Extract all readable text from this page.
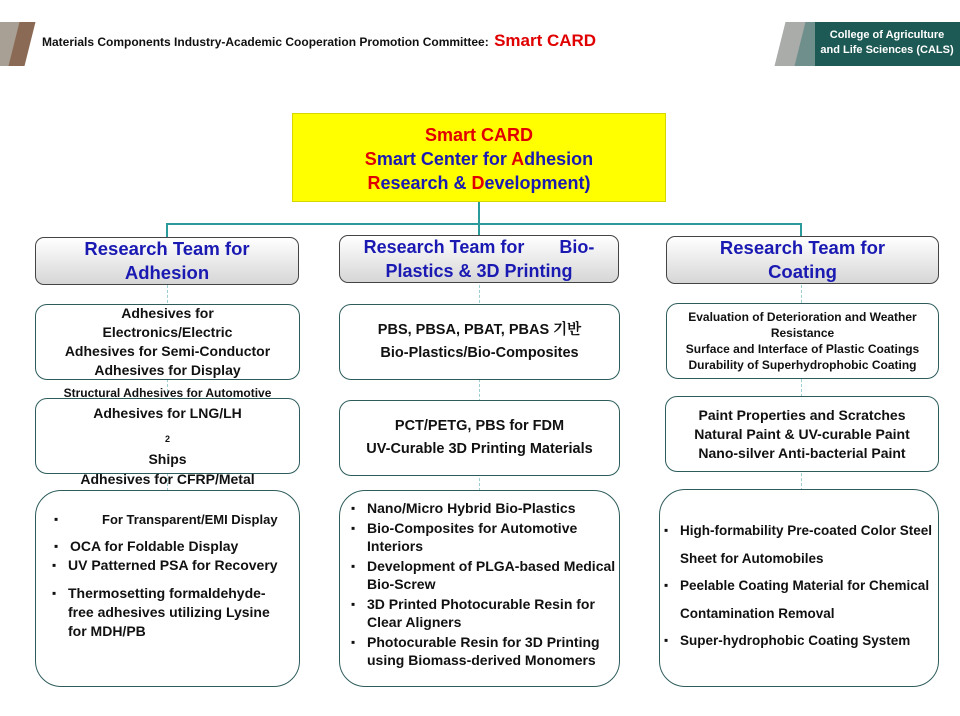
Materials Components Industry-Academic Cooperation Promotion Committee: Smart CARD	College of Agriculture
and Life Sciences (CALS)
Smart CARD
Smart Center for Adhesion
Research & Development)
Research Team for
Adhesion
Research Team for       Bio-
Plastics & 3D Printing
Research Team for
Coating
Adhesives for
Electronics/Electric
Adhesives for Semi-Conductor
Adhesives for Display
Structural Adhesives for Automotive
Adhesives for LNG/LH
$_2$
Ships
Adhesives for CFRP/Metal
▪ For Transparent/EMI Display
▪ OCA for Foldable Display
▪ UV Patterned PSA for Recovery
▪ Thermosetting formaldehyde-free adhesives utilizing Lysine for MDH/PB
PBS, PBSA, PBAT, PBAS 기반
Bio-Plastics/Bio-Composites
PCT/PETG, PBS for FDM
UV-Curable 3D Printing Materials
▪ Nano/Micro Hybrid Bio-Plastics
▪ Bio-Composites for Automotive Interiors
▪ Development of PLGA-based Medical Bio-Screw
▪ 3D Printed Photocurable Resin for Clear Aligners
▪ Photocurable Resin for 3D Printing using Biomass-derived Monomers
Evaluation of Deterioration and Weather Resistance
Surface and Interface of Plastic Coatings
Durability of Superhydrophobic Coating
Paint Properties and Scratches
Natural Paint & UV-curable Paint
Nano-silver Anti-bacterial Paint
▪ High-formability Pre-coated Color Steel Sheet for Automobiles
▪ Peelable Coating Material for Chemical Contamination Removal
▪ Super-hydrophobic Coating System
